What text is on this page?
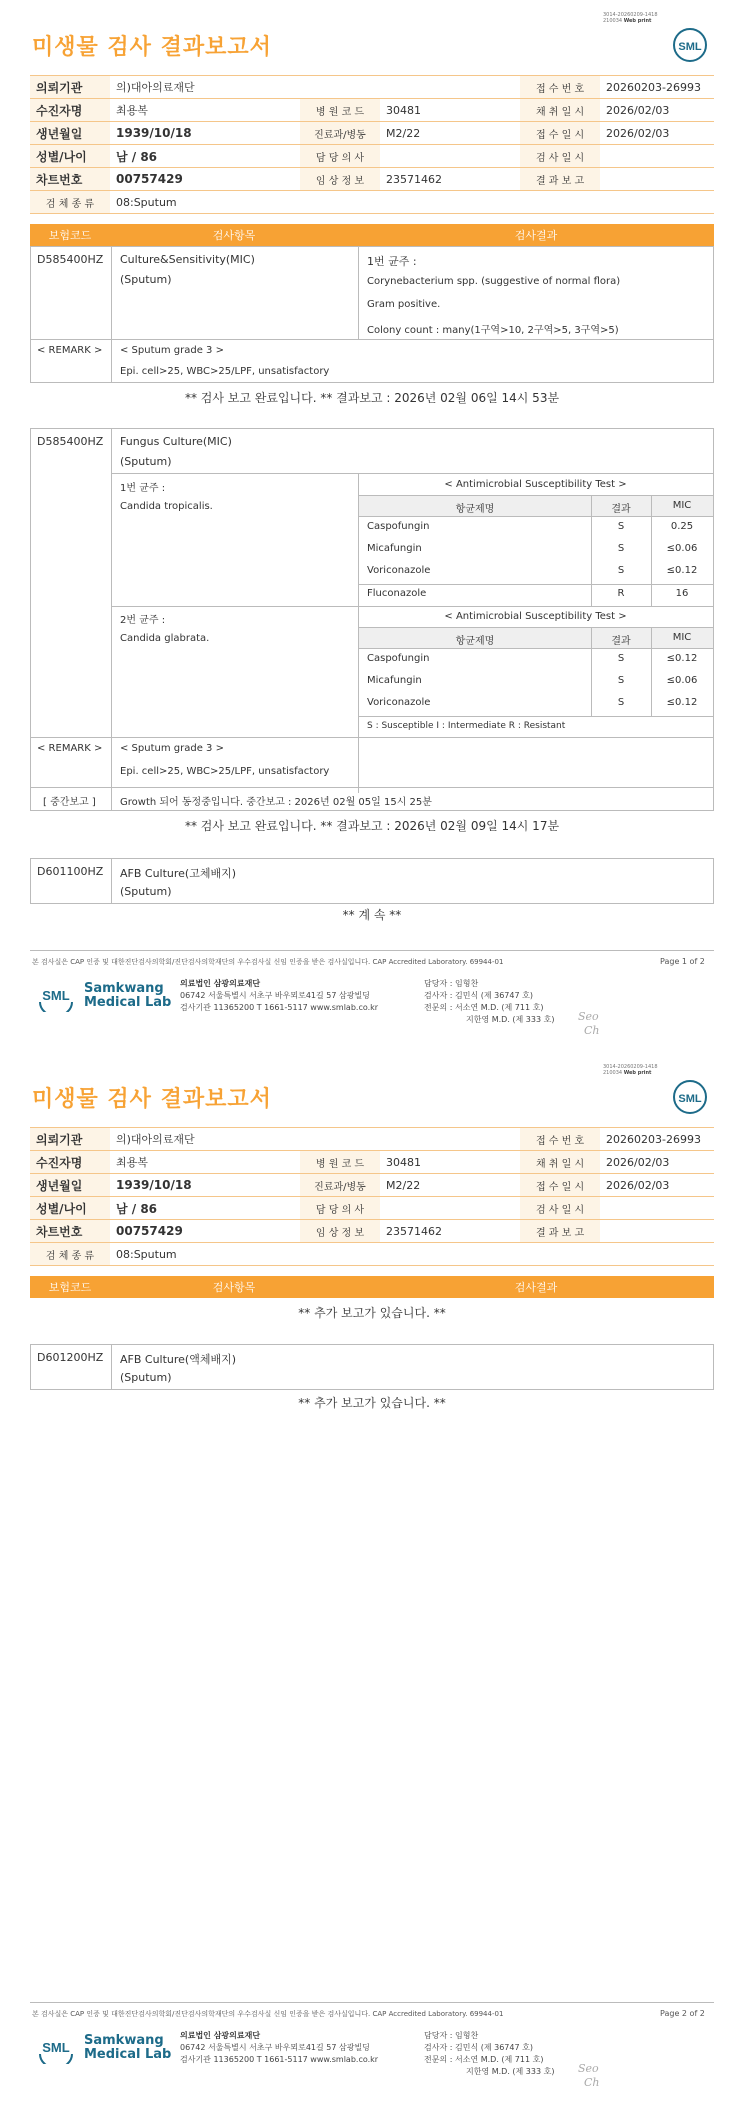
3014-20260209-1418
210034 Web print
미생물 검사 결과보고서	SML
의뢰기관	의)대아의료재단			접 수 번 호	20260203-26993
수진자명	최용복	병 원 코 드	30481	채 취 일 시	2026/02/03
생년월일	1939/10/18	진료과/병동	M2/22	접 수 일 시	2026/02/03
성별/나이	남 / 86	담 당 의 사		검 사 일 시	
차트번호	00757429	임 상 정 보	23571462	결 과 보 고	
검 체 종 류	08:Sputum				
보험코드	검사항목	검사결과
D585400HZ Culture&Sensitivity(MIC)
(Sputum)
1번 균주 :
Corynebacterium spp. (suggestive of normal flora)
Gram positive.
Colony count : many(1구역>10, 2구역>5, 3구역>5)
< REMARK > < Sputum grade 3 >
Epi. cell>25, WBC>25/LPF, unsatisfactory
** 검사 보고 완료입니다. ** 결과보고 : 2026년 02월 06일 14시 53분
D585400HZ Fungus Culture(MIC)
(Sputum)
1번 균주 :
Candida tropicalis.
< Antimicrobial Susceptibility Test >
항균제명	결과	MIC
Caspofungin	S	0.25
Micafungin	S	≤0.06
Voriconazole	S	≤0.12
Fluconazole	R	16
2번 균주 :
Candida glabrata.
< Antimicrobial Susceptibility Test >
항균제명	결과	MIC
Caspofungin	S	≤0.12
Micafungin	S	≤0.06
Voriconazole	S	≤0.12
S : Susceptible I : Intermediate R : Resistant
< REMARK > < Sputum grade 3 >
Epi. cell>25, WBC>25/LPF, unsatisfactory
[ 중간보고 ] Growth 되어 동정중입니다. 중간보고 : 2026년 02월 05일 15시 25분
** 검사 보고 완료입니다. ** 결과보고 : 2026년 02월 09일 14시 17분
D601100HZ AFB Culture(고체배지)
(Sputum)
** 계 속 **
본 검사실은 CAP 인증 및 대한진단검사의학회/진단검사의학재단의 우수검사실 신임 인증을 받은 검사실입니다. CAP Accredited Laboratory. 69944-01	Page 1 of 2
SML Samkwang
Medical Lab
의료법인 삼광의료재단
06742 서울특별시 서초구 바우뫼로41길 57 삼광빌딩
검사기관 11365200 T 1661-5117 www.smlab.co.kr
담당자 : 임형찬
검사자 : 김민식 (제 36747 호)
전문의 : 서소연 M.D. (제 711 호)
지한영 M.D. (제 333 호) Seo
Ch
3014-20260209-1418
210034 Web print
미생물 검사 결과보고서	SML
의뢰기관	의)대아의료재단			접 수 번 호	20260203-26993
수진자명	최용복	병 원 코 드	30481	채 취 일 시	2026/02/03
생년월일	1939/10/18	진료과/병동	M2/22	접 수 일 시	2026/02/03
성별/나이	남 / 86	담 당 의 사		검 사 일 시	
차트번호	00757429	임 상 정 보	23571462	결 과 보 고	
검 체 종 류	08:Sputum				
보험코드	검사항목	검사결과
** 추가 보고가 있습니다. **
D601200HZ AFB Culture(액체배지)
(Sputum)
** 추가 보고가 있습니다. **
본 검사실은 CAP 인증 및 대한진단검사의학회/진단검사의학재단의 우수검사실 신임 인증을 받은 검사실입니다. CAP Accredited Laboratory. 69944-01	Page 2 of 2
SML Samkwang
Medical Lab
의료법인 삼광의료재단
06742 서울특별시 서초구 바우뫼로41길 57 삼광빌딩
검사기관 11365200 T 1661-5117 www.smlab.co.kr
담당자 : 임형찬
검사자 : 김민식 (제 36747 호)
전문의 : 서소연 M.D. (제 711 호)
지한영 M.D. (제 333 호) Seo
Ch
